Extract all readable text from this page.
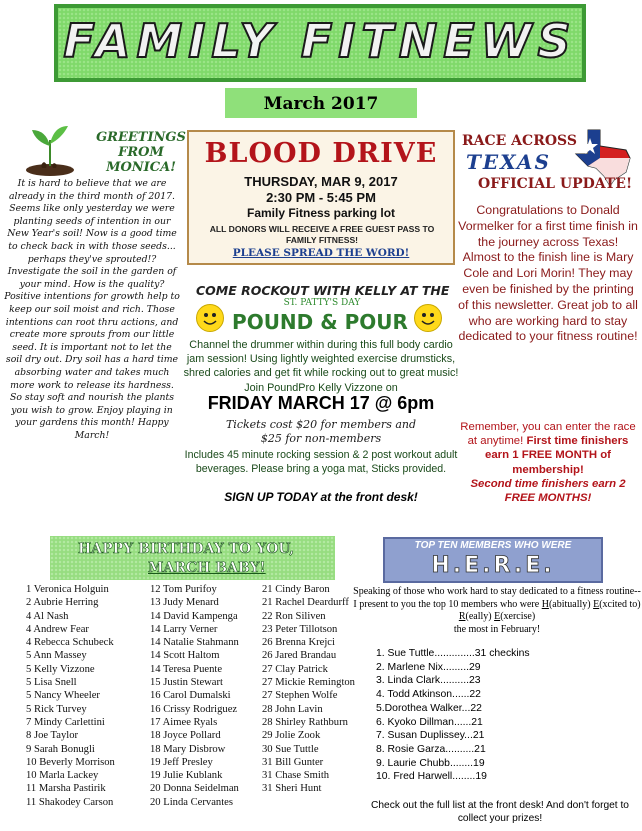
FAMILY FITNEWS
March 2017
GREETINGS
FROM
MONICA!
It is hard to believe that we are already in the third month of 2017. Seems like only yesterday we were planting seeds of intention in our New Year's soil! Now is a good time to check back in with those seeds... perhaps they've sprouted!? Investigate the soil in the garden of your mind. How is the quality? Positive intentions for growth help to keep our soil moist and rich. Those intentions can root thru actions, and create more sprouts from our little seed. It is important not to let the soil dry out. Dry soil has a hard time absorbing water and takes much more work to release its hardness. So stay soft and nourish the plants you wish to grow. Enjoy playing in your gardens this month! Happy March!
BLOOD DRIVE
THURSDAY, MAR 9, 2017
2:30 PM - 5:45 PM
Family Fitness parking lot
ALL DONORS WILL RECEIVE A FREE GUEST PASS TO FAMILY FITNESS!
PLEASE SPREAD THE WORD!
RACE ACROSS
TEXAS
OFFICIAL UPDATE!
Congratulations to Donald Vormelker for a first time finish in the journey across Texas! Almost to the finish line is Mary Cole and Lori Morin! They may even be finished by the printing of this newsletter. Great job to all who are working hard to stay dedicated to your fitness routine!
Remember, you can enter the race at anytime! First time finishers earn 1 FREE MONTH of membership!
Second time finishers earn 2 FREE MONTHS!
COME ROCKOUT WITH KELLY AT THE
ST. PATTY'S DAY
POUND & POUR
Channel the drummer within during this full body cardio jam session! Using lightly weighted exercise drumsticks, shred calories and get fit while rocking out to great music!
Join PoundPro Kelly Vizzone on
FRIDAY MARCH 17 @ 6pm
Tickets cost $20 for members and
$25 for non-members
Includes 45 minute rocking session & 2 post workout adult beverages. Please bring a yoga mat, Sticks provided.
SIGN UP TODAY at the front desk!
HAPPY BIRTHDAY TO YOU,
MARCH BABY!
1 Veronica Holguin
2 Aubrie Herring
4 Al Nash
4 Andrew Fear
4 Rebecca Schubeck
5 Ann Massey
5 Kelly Vizzone
5 Lisa Snell
5 Nancy Wheeler
5 Rick Turvey
7 Mindy Carlettini
8 Joe Taylor
9 Sarah Bonugli
10 Beverly Morrison
10 Marla Lackey
11 Marsha Pastirik
11 Shakodey Carson
12 Tom Purifoy
13 Judy Menard
14 David Kampenga
14 Larry Verner
14 Natalie Stahmann
14 Scott Haltom
14 Teresa Puente
15 Justin Stewart
16 Carol Dumalski
16 Crissy Rodriguez
17 Aimee Ryals
18 Joyce Pollard
18 Mary Disbrow
19 Jeff Presley
19 Julie Kublank
20 Donna Seidelman
20 Linda Cervantes
21 Cindy Baron
21 Rachel Deardurff
22 Ron Siliven
23 Peter Tillotson
26 Brenna Krejci
26 Jared Brandau
27 Clay Patrick
27 Mickie Remington
27 Stephen Wolfe
28 John Lavin
28 Shirley Rathburn
29 Jolie Zook
30 Sue Tuttle
31 Bill Gunter
31 Chase Smith
31 Sheri Hunt
TOP TEN MEMBERS WHO WERE
H.E.R.E.
Speaking of those who work hard to stay dedicated to a fitness routine-- I present to you the top 10 members who were H(abitually) E(xcited to) R(eally) E(xercise)
the most in February!
1. Sue Tuttle..............31 checkins
2. Marlene Nix.........29
3. Linda Clark..........23
4. Todd Atkinson......22
5.Dorothea Walker...22
6. Kyoko Dillman......21
7. Susan Duplissey...21
8. Rosie Garza..........21
9. Laurie Chubb........19
10. Fred Harwell........19
Check out the full list at the front desk! And don't forget to collect your prizes!
